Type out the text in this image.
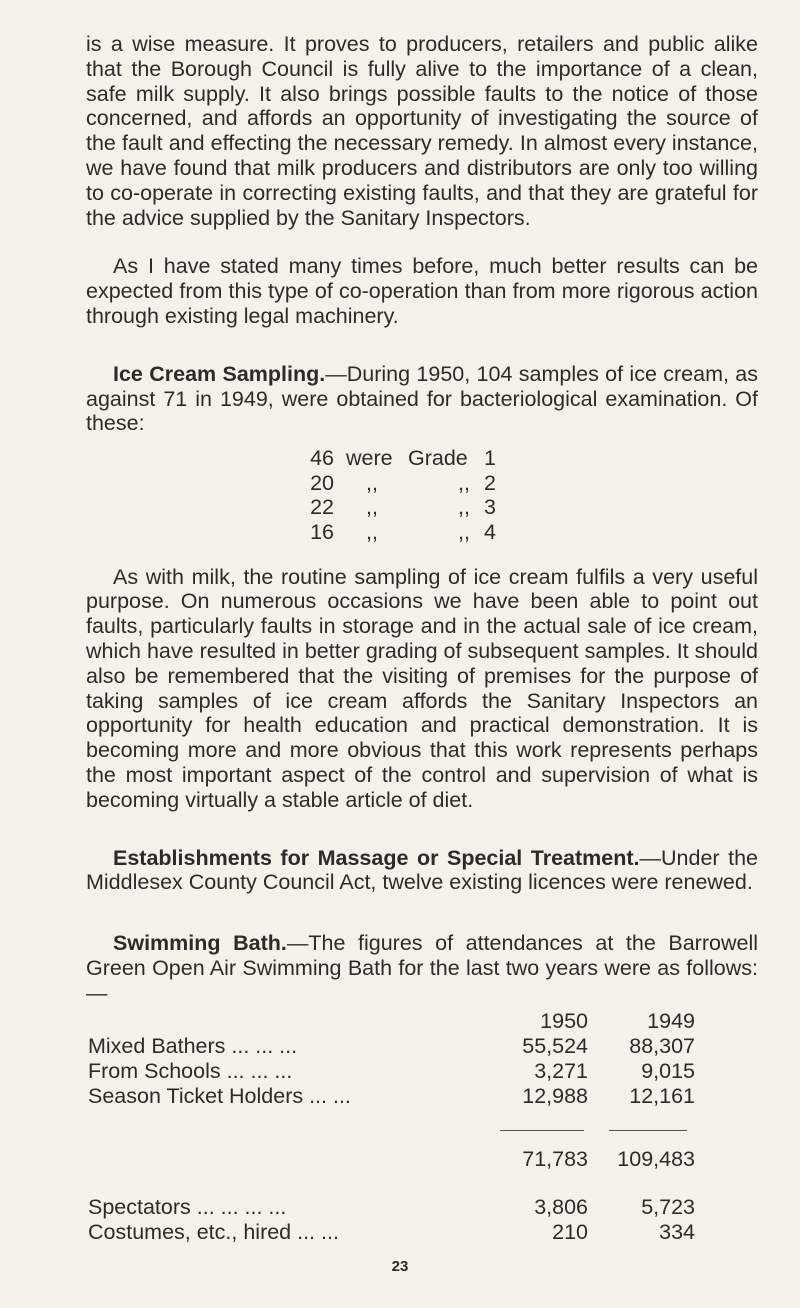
is a wise measure. It proves to producers, retailers and public alike that the Borough Council is fully alive to the importance of a clean, safe milk supply. It also brings possible faults to the notice of those concerned, and affords an opportunity of investigating the source of the fault and effecting the necessary remedy. In almost every instance, we have found that milk producers and distributors are only too willing to co-operate in correcting existing faults, and that they are grateful for the advice supplied by the Sanitary Inspectors.

As I have stated many times before, much better results can be expected from this type of co-operation than from more rigorous action through existing legal machinery.

Ice Cream Sampling.—During 1950, 104 samples of ice cream, as against 71 in 1949, were obtained for bacteriological examination. Of these:

46 were Grade 1
20	,,	,, 2
22	,,	,, 3
16	,,	,, 4

As with milk, the routine sampling of ice cream fulfils a very useful purpose. On numerous occasions we have been able to point out faults, particularly faults in storage and in the actual sale of ice cream, which have resulted in better grading of subsequent samples. It should also be remembered that the visiting of premises for the purpose of taking samples of ice cream affords the Sanitary Inspectors an opportunity for health education and practical demonstration. It is becoming more and more obvious that this work represents perhaps the most important aspect of the control and supervision of what is becoming virtually a stable article of diet.

Establishments for Massage or Special Treatment.—Under the Middlesex County Council Act, twelve existing licences were renewed.

Swimming Bath.—The figures of attendances at the Barrowell Green Open Air Swimming Bath for the last two years were as follows:—

1950	1949
Mixed Bathers ... ... ...	55,524	88,307
From Schools ... ... ...	3,271	9,015
Season Ticket Holders ... ...	12,988	12,161
71,783	109,483
Spectators ... ... ... ...	3,806	5,723
Costumes, etc., hired ... ...	210	334
23
